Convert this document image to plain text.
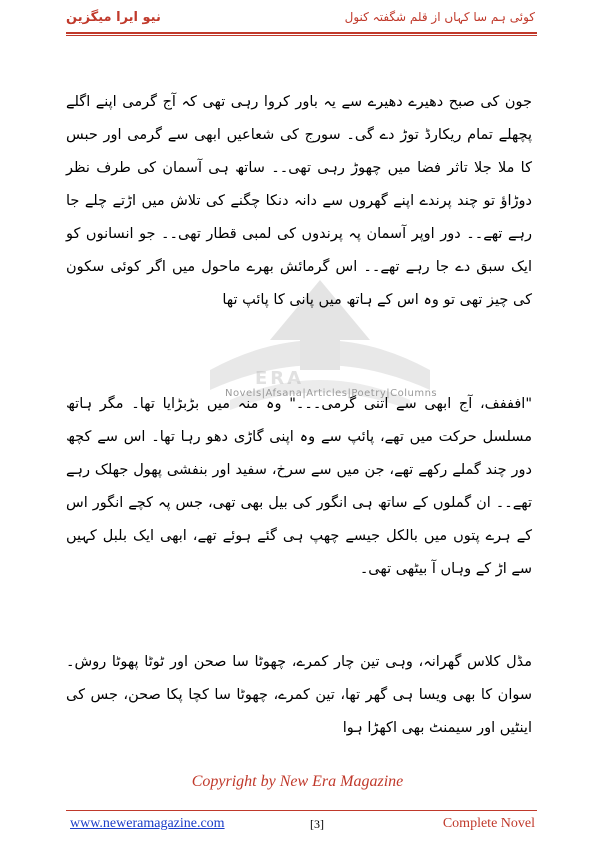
نیو ایرا میگزین	کوئی ہم سا کہاں از قلم شگفتہ کنول
ERA
Novels|Afsana|Articles|Poetry|Columns
جون کی صبح دھیرے دھیرے سے یہ باور کروا رہی تھی کہ آج گرمی اپنے اگلے پچھلے تمام ریکارڈ توڑ دے گی۔ سورج کی شعاعیں ابھی سے گرمی اور حبس کا ملا جلا تاثر فضا میں چھوڑ رہی تھی۔۔ ساتھ ہی آسمان کی طرف نظر دوڑاؤ تو چند پرندے اپنے گھروں سے دانہ دنکا چگنے کی تلاش میں اڑتے چلے جا رہے تھے۔۔ دور اوپر آسمان پہ پرندوں کی لمبی قطار تھی۔۔ جو انسانوں کو ایک سبق دے جا رہے تھے۔۔ اس گرمائش بھرے ماحول میں اگر کوئی سکون کی چیز تھی تو وہ اس کے ہاتھ میں پانی کا پائپ تھا
"افففف، آج ابھی سے اتنی گرمی۔۔۔" وہ منہ میں بڑبڑایا تھا۔ مگر ہاتھ مسلسل حرکت میں تھے، پائپ سے وہ اپنی گاڑی دھو رہا تھا۔ اس سے کچھ دور چند گملے رکھے تھے، جن میں سے سرخ، سفید اور بنفشی پھول جھلک رہے تھے۔۔ ان گملوں کے ساتھ ہی انگور کی بیل بھی تھی، جس پہ کچے انگور اس کے ہرے پتوں میں بالکل جیسے چھپ ہی گئے ہوئے تھے، ابھی ایک بلبل کہیں سے اڑ کے وہاں آ بیٹھی تھی۔
مڈل کلاس گھرانہ، وہی تین چار کمرے، چھوٹا سا صحن اور ٹوٹا پھوٹا روش۔ سوان کا بھی ویسا ہی گھر تھا، تین کمرے، چھوٹا سا کچا پکا صحن، جس کی اینٹیں اور سیمنٹ بھی اکھڑا ہوا
Copyright by New Era Magazine
www.neweramagazine.com	[3]	Complete Novel
